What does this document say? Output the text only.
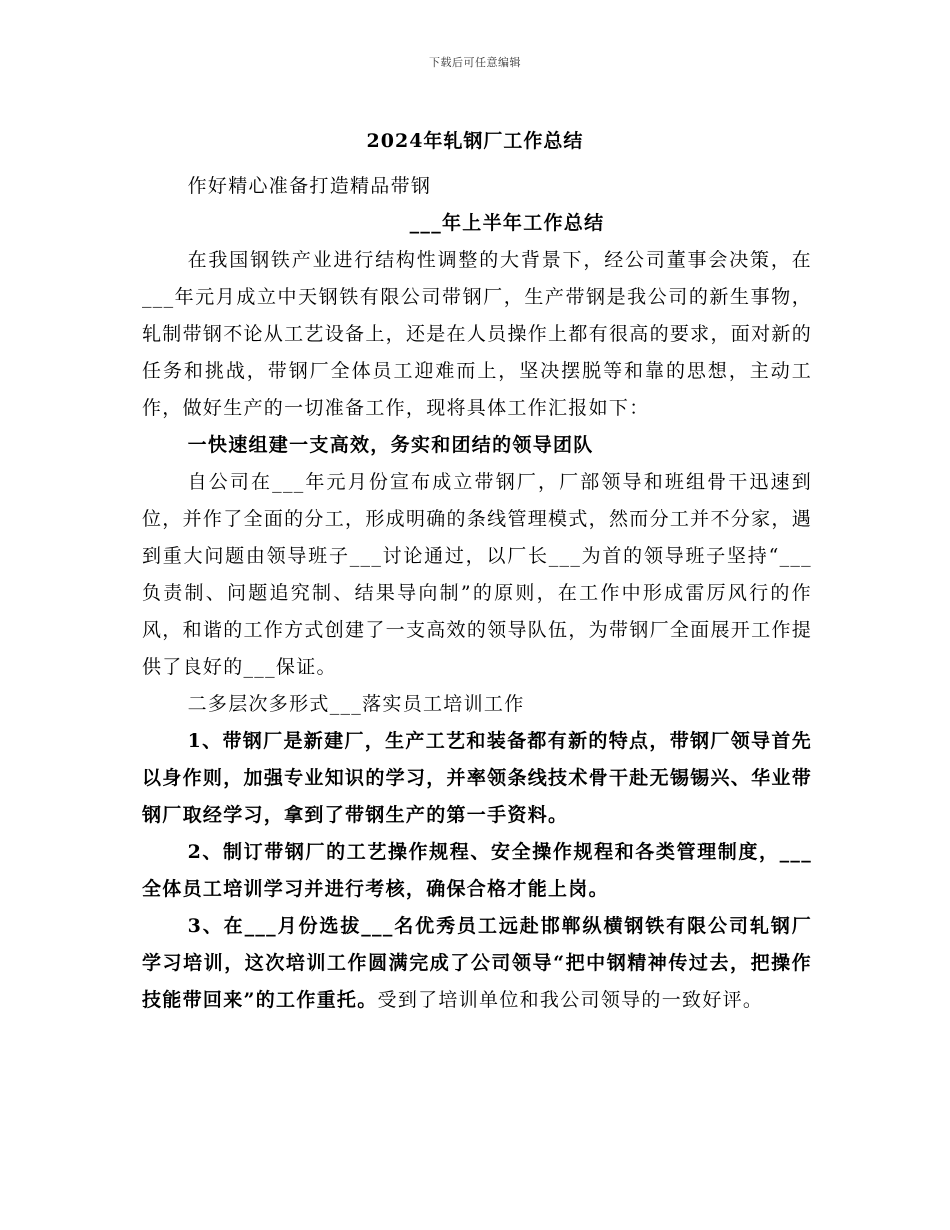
下载后可任意编辑
2024年轧钢厂工作总结

作好精心准备打造精品带钢

___年上半年工作总结

在我国钢铁产业进行结构性调整的大背景下，经公司董事会决策，在___年元月成立中天钢铁有限公司带钢厂，生产带钢是我公司的新生事物，轧制带钢不论从工艺设备上，还是在人员操作上都有很高的要求，面对新的任务和挑战，带钢厂全体员工迎难而上，坚决摆脱等和靠的思想，主动工作，做好生产的一切准备工作，现将具体工作汇报如下：

一快速组建一支高效，务实和团结的领导团队

自公司在___年元月份宣布成立带钢厂，厂部领导和班组骨干迅速到位，并作了全面的分工，形成明确的条线管理模式，然而分工并不分家，遇到重大问题由领导班子___讨论通过，以厂长___为首的领导班子坚持“___负责制、问题追究制、结果导向制”的原则，在工作中形成雷厉风行的作风，和谐的工作方式创建了一支高效的领导队伍，为带钢厂全面展开工作提供了良好的___保证。

二多层次多形式___落实员工培训工作

1、带钢厂是新建厂，生产工艺和装备都有新的特点，带钢厂领导首先以身作则，加强专业知识的学习，并率领条线技术骨干赴无锡锡兴、华业带钢厂取经学习，拿到了带钢生产的第一手资料。

2、制订带钢厂的工艺操作规程、安全操作规程和各类管理制度，___全体员工培训学习并进行考核，确保合格才能上岗。

3、在___月份选拔___名优秀员工远赴邯郸纵横钢铁有限公司轧钢厂学习培训，这次培训工作圆满完成了公司领导“把中钢精神传过去，把操作技能带回来”的工作重托。受到了培训单位和我公司领导的一致好评。
